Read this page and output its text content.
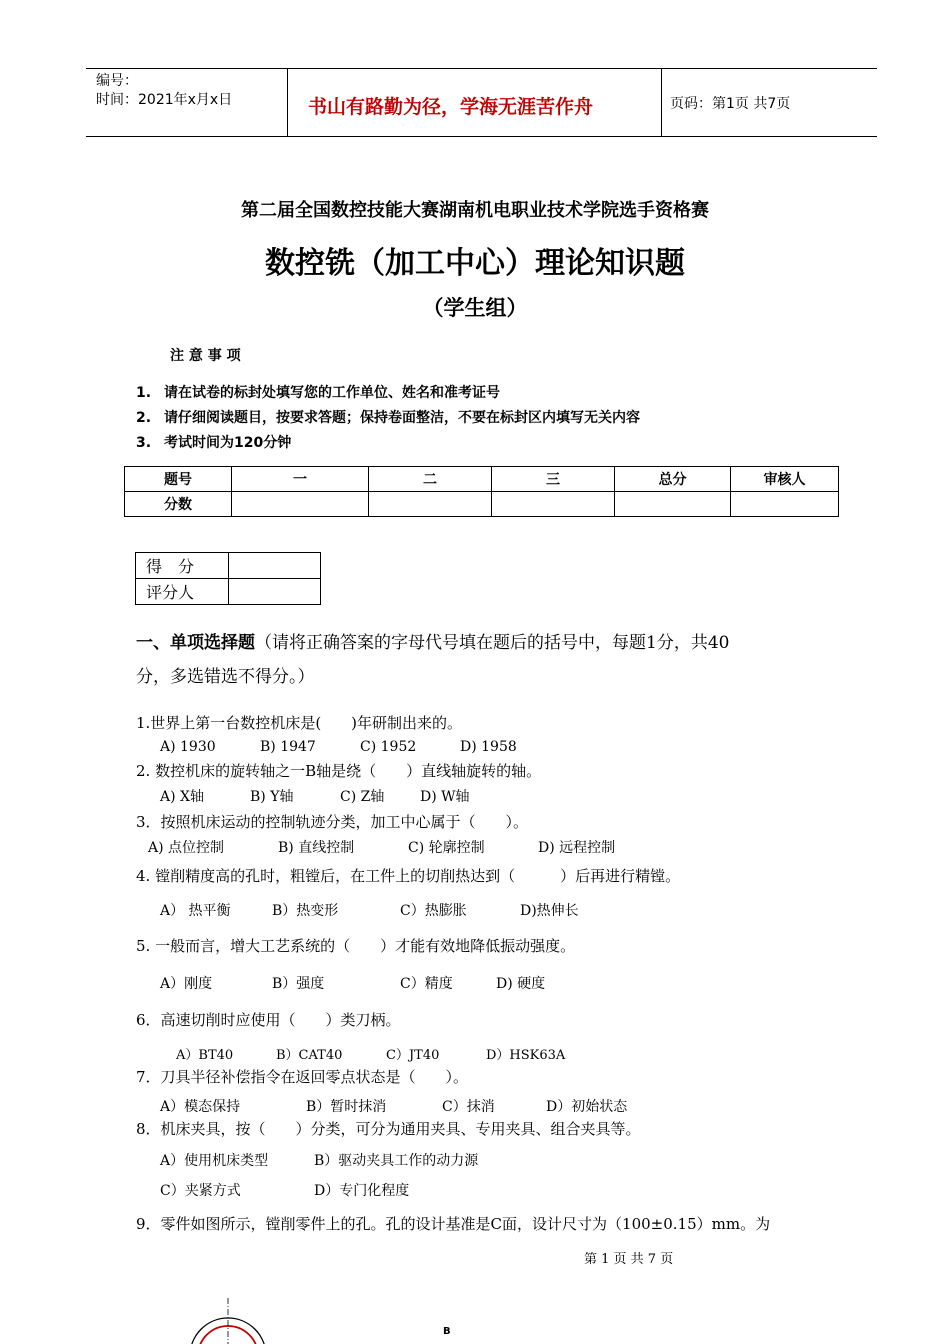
编号：
时间：2021年x月x日	书山有路勤为径，学海无涯苦作舟	页码：第1页 共7页
第二届全国数控技能大赛湖南机电职业技术学院选手资格赛
数控铣（加工中心）理论知识题
（学生组）
注 意 事 项
1. 请在试卷的标封处填写您的工作单位、姓名和准考证号
2. 请仔细阅读题目，按要求答题；保持卷面整洁，不要在标封区内填写无关内容
3. 考试时间为120分钟
题号	一	二	三	总分	审核人
分数					
得　分	
评分人	
一、单项选择题（请将正确答案的字母代号填在题后的括号中，每题1分，共40
分，多选错选不得分。）
1.世界上第一台数控机床是(　　)年研制出来的。
A) 1930	B) 1947	C) 1952	D) 1958
2. 数控机床的旋转轴之一B轴是绕（　　）直线轴旋转的轴。
A) X轴	B) Y轴	C) Z轴	D) W轴
3．按照机床运动的控制轨迹分类，加工中心属于（　　）。
A) 点位控制	B) 直线控制	C) 轮廓控制	D) 远程控制
4. 镗削精度高的孔时，粗镗后，在工件上的切削热达到（　　　）后再进行精镗。
A） 热平衡	B）热变形	C）热膨胀	D)热伸长
5. 一般而言，增大工艺系统的（　　）才能有效地降低振动强度。
A）刚度	B）强度	C）精度	D) 硬度
6．高速切削时应使用（　　）类刀柄。
A）BT40	B）CAT40	C）JT40	D）HSK63A
7．刀具半径补偿指令在返回零点状态是（　　）。
A）模态保持	B）暂时抹消	C）抹消	D）初始状态
8．机床夹具，按（　　）分类，可分为通用夹具、专用夹具、组合夹具等。
A）使用机床类型	B）驱动夹具工作的动力源
C）夹紧方式	D）专门化程度
9．零件如图所示，镗削零件上的孔。孔的设计基准是C面，设计尺寸为（100±0.15）mm。为
第 1 页 共 7 页
B
